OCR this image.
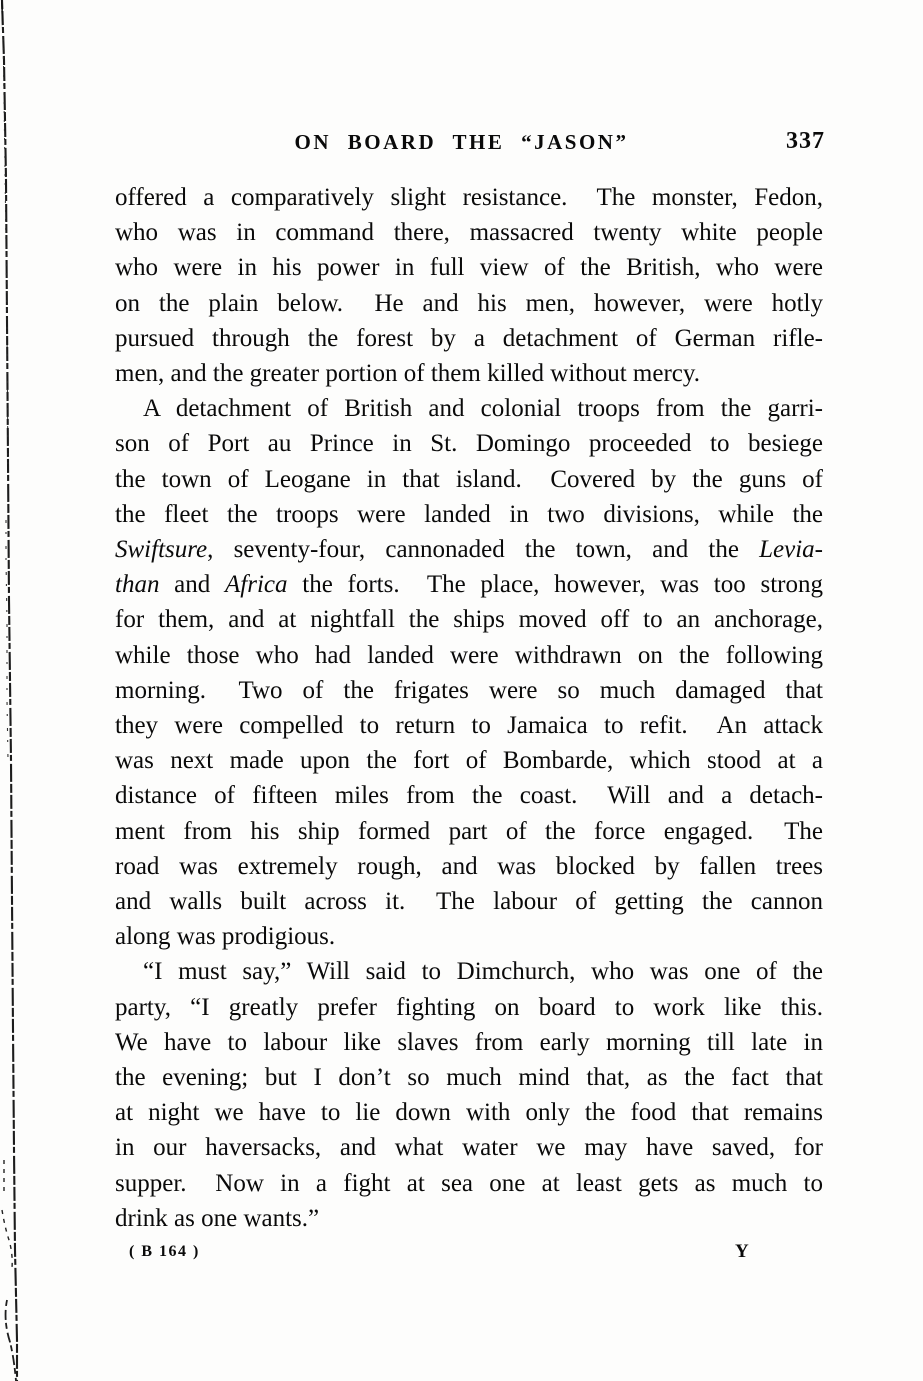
ON BOARD THE “JASON”	337
offered a comparatively slight resistance.  The monster, Fedon,
who was in command there, massacred twenty white people
who were in his power in full view of the British, who were
on the plain below.  He and his men, however, were hotly
pursued through the forest by a detachment of German rifle-
men, and the greater portion of them killed without mercy.
A detachment of British and colonial troops from the garri-
son of Port au Prince in St. Domingo proceeded to besiege
the town of Leogane in that island.  Covered by the guns of
the fleet the troops were landed in two divisions, while the
Swiftsure, seventy-four, cannonaded the town, and the Levia-
than and Africa the forts.  The place, however, was too strong
for them, and at nightfall the ships moved off to an anchorage,
while those who had landed were withdrawn on the following
morning.  Two of the frigates were so much damaged that
they were compelled to return to Jamaica to refit.  An attack
was next made upon the fort of Bombarde, which stood at a
distance of fifteen miles from the coast.  Will and a detach-
ment from his ship formed part of the force engaged.  The
road was extremely rough, and was blocked by fallen trees
and walls built across it.  The labour of getting the cannon
along was prodigious.
“I must say,” Will said to Dimchurch, who was one of the
party, “I greatly prefer fighting on board to work like this.
We have to labour like slaves from early morning till late in
the evening; but I don’t so much mind that, as the fact that
at night we have to lie down with only the food that remains
in our haversacks, and what water we may have saved, for
supper.  Now in a fight at sea one at least gets as much to
drink as one wants.”
( B 164 )	Y
